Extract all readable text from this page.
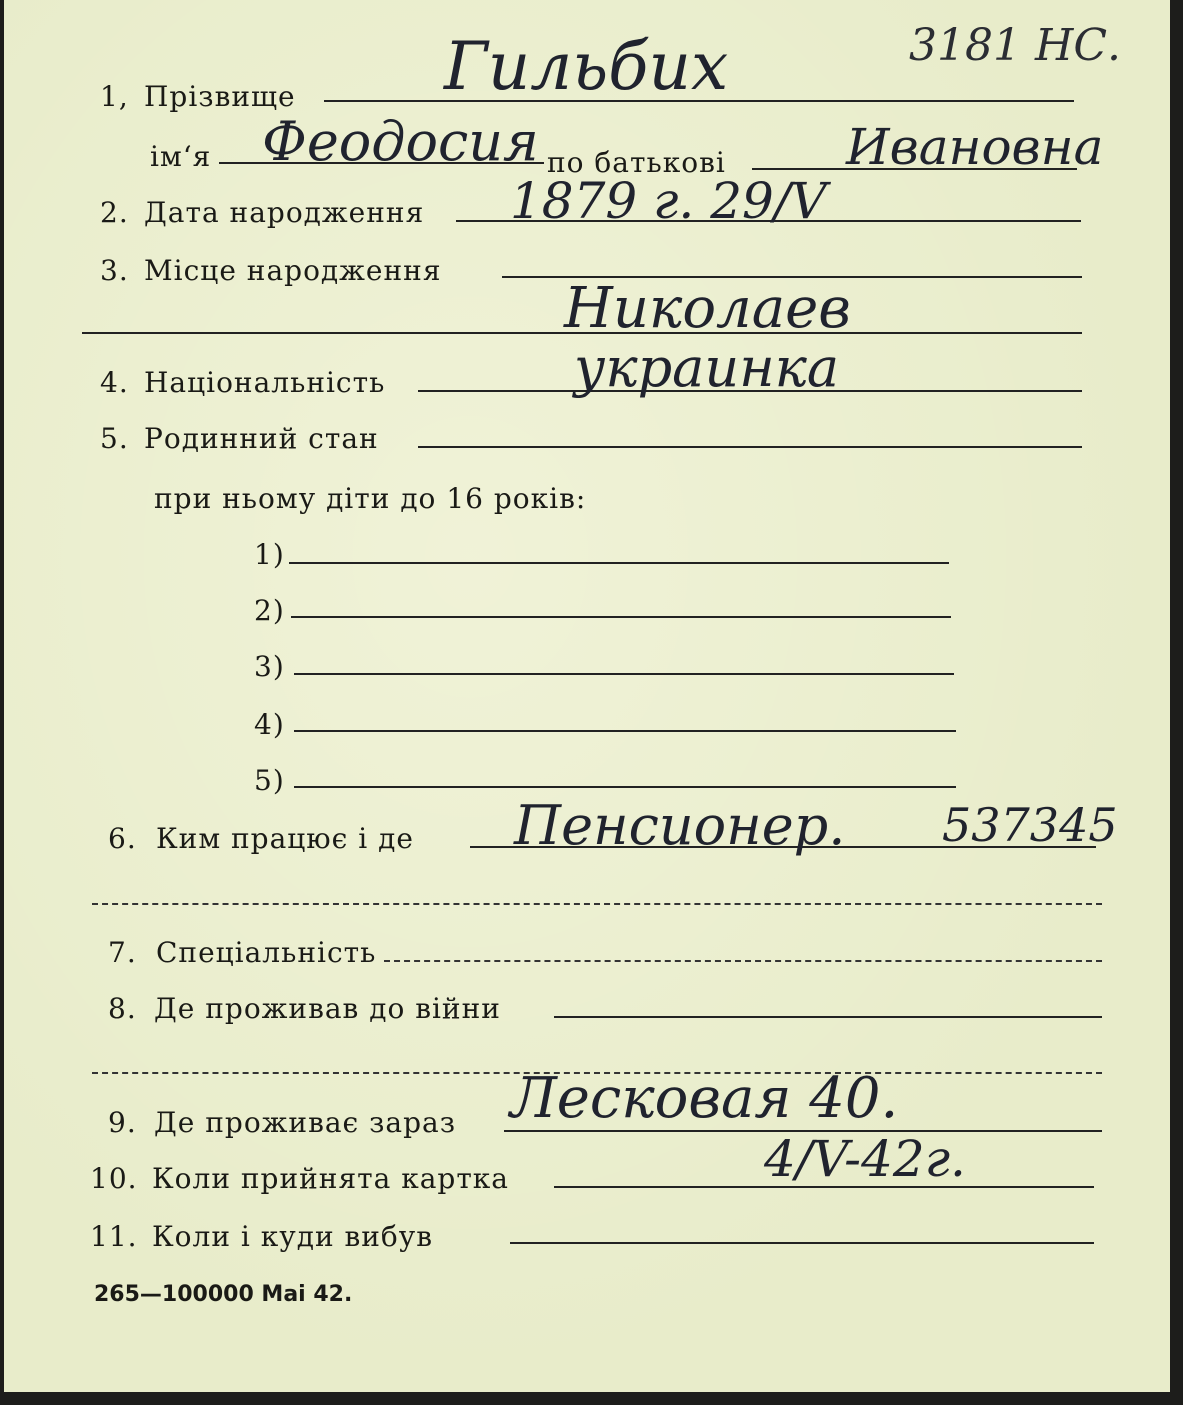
1, Прізвище Гильбих	3181 НС.
ім‘я Феодосия по батькові Ивановна
2. Дата народження 1879 г. 29/V
3. Місце народження
Николаев
4. Національність	украинка
5. Родинний стан
при ньому діти до 16 років:
1)
2)
3)
4)
5)
6. Ким працює і де Пенсионер. 537345
7. Спеціальність
8. Де проживав до війни
9. Де проживає зараз Лесковая 40.
10. Коли прийнята картка	4/V-42г.
11. Коли і куди вибув
265—100000 Mai 42.
